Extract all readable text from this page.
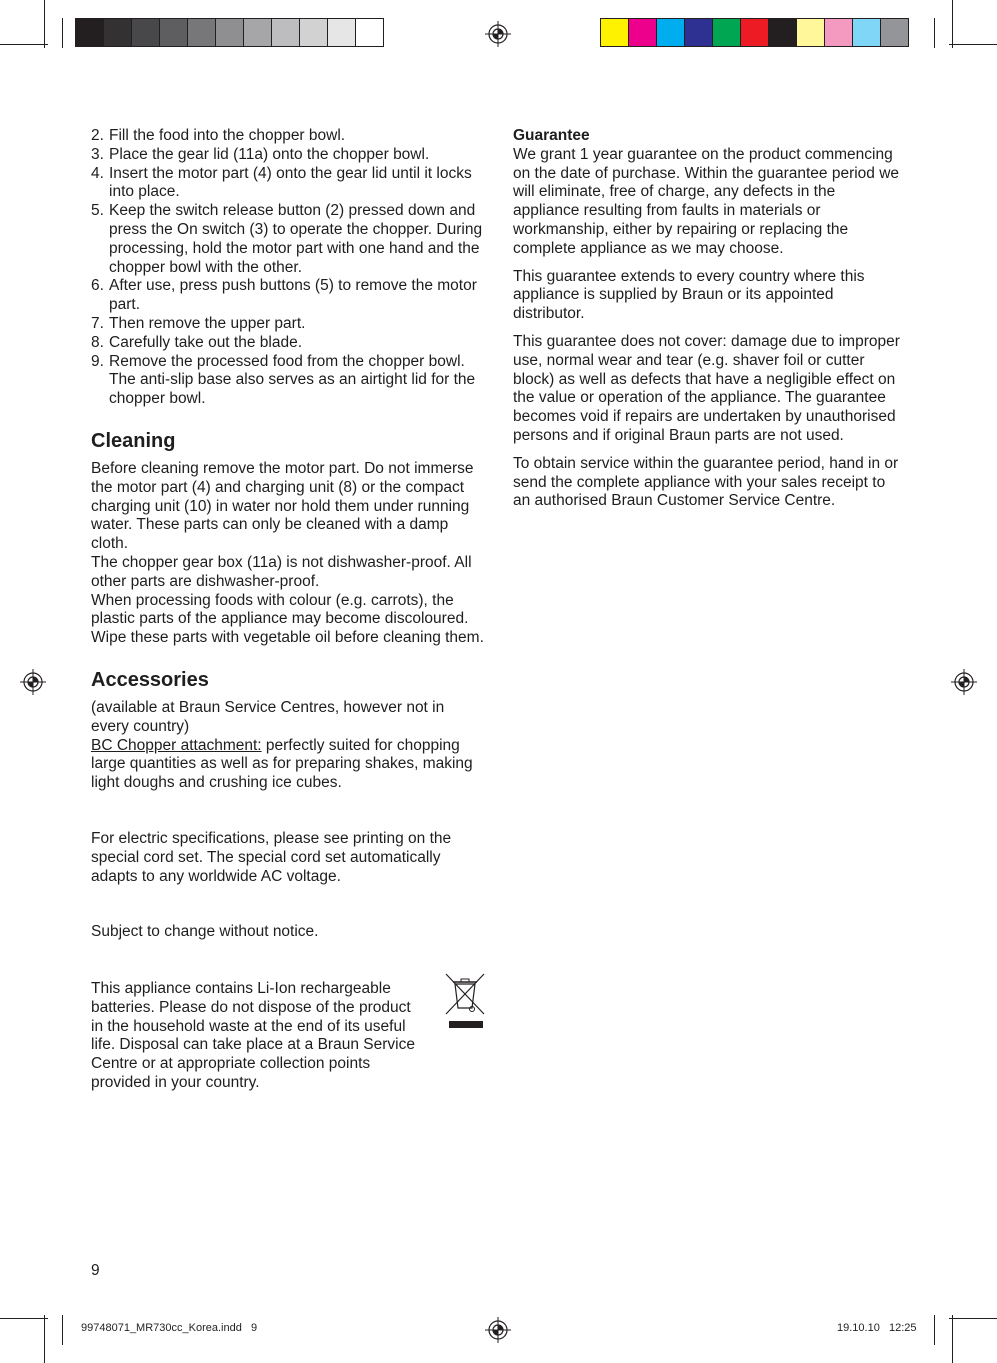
2. Fill the food into the chopper bowl.
3. Place the gear lid (11a) onto the chopper bowl.
4. Insert the motor part (4) onto the gear lid until it locks into place.
5. Keep the switch release button (2) pressed down and press the On switch (3) to operate the chopper. During processing, hold the motor part with one hand and the chopper bowl with the other.
6. After use, press push buttons (5) to remove the motor part.
7. Then remove the upper part.
8. Carefully take out the blade.
9. Remove the processed food from the chopper bowl. The anti-slip base also serves as an airtight lid for the chopper bowl.
Cleaning

Before cleaning remove the motor part. Do not immerse the motor part (4) and charging unit (8) or the compact charging unit (10) in water nor hold them under running water. These parts can only be cleaned with a damp cloth.

The chopper gear box (11a) is not dishwasher-proof. All other parts are dishwasher-proof.

When processing foods with colour (e.g. carrots), the plastic parts of the appliance may become discoloured. Wipe these parts with vegetable oil before cleaning them.

Accessories

(available at Braun Service Centres, however not in every country)

BC Chopper attachment: perfectly suited for chopping large quantities as well as for preparing shakes, making light doughs and crushing ice cubes.

For electric specifications, please see printing on the special cord set. The special cord set automatically adapts to any worldwide AC voltage.

Subject to change without notice.

This appliance contains Li-Ion rechargeable batteries. Please do not dispose of the product in the household waste at the end of its useful life. Disposal can take place at a Braun Service Centre or at appropriate collection points provided in your country.

Guarantee

We grant 1 year guarantee on the product commencing on the date of purchase. Within the guarantee period we will eliminate, free of charge, any defects in the appliance resulting from faults in materials or workmanship, either by repairing or replacing the complete appliance as we may choose.

This guarantee extends to every country where this appliance is supplied by Braun or its appointed distributor.

This guarantee does not cover: damage due to improper use, normal wear and tear (e.g. shaver foil or cutter block) as well as defects that have a negligible effect on the value or operation of the appliance. The guarantee becomes void if repairs are undertaken by unauthorised persons and if original Braun parts are not used.

To obtain service within the guarantee period, hand in or send the complete appliance with your sales receipt to an authorised Braun Customer Service Centre.

9
99748071_MR730cc_Korea.indd   9	19.10.10   12:25
